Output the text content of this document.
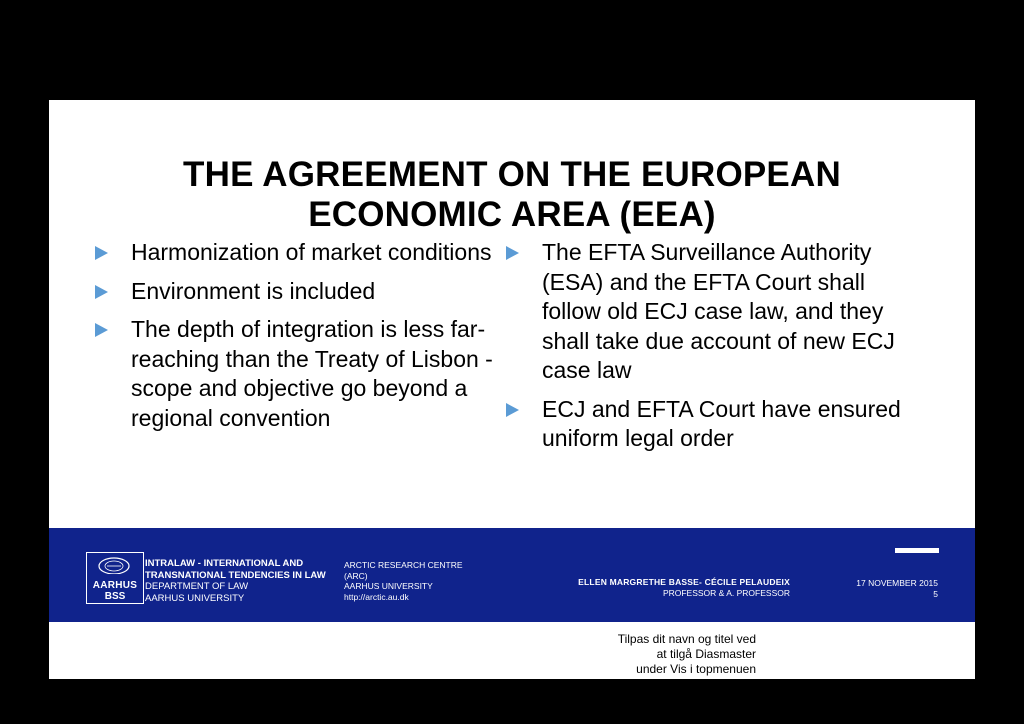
THE AGREEMENT ON THE EUROPEAN
ECONOMIC AREA (EEA)
Harmonization of market conditions
Environment is included
The depth of integration is less far-reaching than the Treaty of Lisbon - scope and objective go beyond a regional convention
The EFTA Surveillance Authority (ESA) and the EFTA Court shall follow old ECJ case law, and they shall take due account of new ECJ case law
ECJ and EFTA Court have ensured uniform legal order
AARHUS
BSS
INTRALAW - INTERNATIONAL AND
TRANSNATIONAL TENDENCIES IN LAW
DEPARTMENT OF LAW
AARHUS UNIVERSITY
ARCTIC RESEARCH CENTRE
(ARC)
AARHUS UNIVERSITY
http://arctic.au.dk
ELLEN MARGRETHE BASSE- CÉCILE PELAUDEIX
PROFESSOR & A. PROFESSOR
17 NOVEMBER 2015
5
Tilpas dit navn og titel ved
at tilgå Diasmaster
under Vis i topmenuen
